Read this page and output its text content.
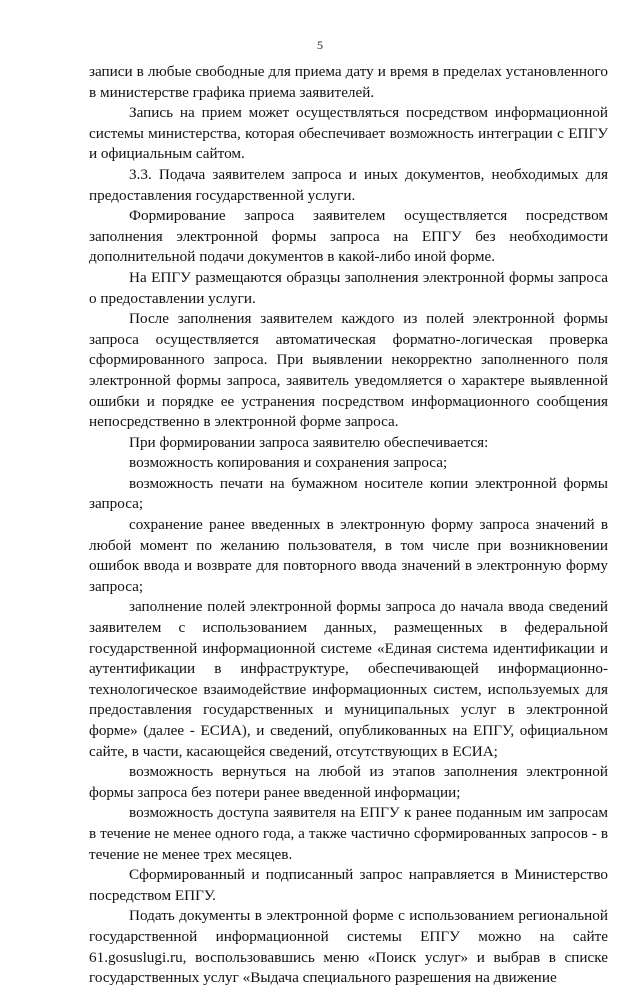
5

записи в любые свободные для приема дату и время в пределах установленного в министерстве графика приема заявителей.

Запись на прием может осуществляться посредством информационной системы министерства, которая обеспечивает возможность интеграции с ЕПГУ и официальным сайтом.

3.3. Подача заявителем запроса и иных документов, необходимых для предоставления государственной услуги.

Формирование запроса заявителем осуществляется посредством заполнения электронной формы запроса на ЕПГУ без необходимости дополнительной подачи документов в какой-либо иной форме.

На ЕПГУ размещаются образцы заполнения электронной формы запроса о предоставлении услуги.

После заполнения заявителем каждого из полей электронной формы запроса осуществляется автоматическая форматно-логическая проверка сформированного запроса. При выявлении некорректно заполненного поля электронной формы запроса, заявитель уведомляется о характере выявленной ошибки и порядке ее устранения посредством информационного сообщения непосредственно в электронной форме запроса.

При формировании запроса заявителю обеспечивается:

возможность копирования и сохранения запроса;

возможность печати на бумажном носителе копии электронной формы запроса;

сохранение ранее введенных в электронную форму запроса значений в любой момент по желанию пользователя, в том числе при возникновении ошибок ввода и возврате для повторного ввода значений в электронную форму запроса;

заполнение полей электронной формы запроса до начала ввода сведений заявителем с использованием данных, размещенных в федеральной государственной информационной системе «Единая система идентификации и аутентификации в инфраструктуре, обеспечивающей информационно-технологическое взаимодействие информационных систем, используемых для предоставления государственных и муниципальных услуг в электронной форме» (далее - ЕСИА), и сведений, опубликованных на ЕПГУ, официальном сайте, в части, касающейся сведений, отсутствующих в ЕСИА;

возможность вернуться на любой из этапов заполнения электронной формы запроса без потери ранее введенной информации;

возможность доступа заявителя на ЕПГУ к ранее поданным им запросам в течение не менее одного года, а также частично сформированных запросов - в течение не менее трех месяцев.

Сформированный и подписанный запрос направляется в Министерство посредством ЕПГУ.

Подать документы в электронной форме с использованием региональной государственной информационной системы ЕПГУ можно на сайте 61.gosuslugi.ru, воспользовавшись меню «Поиск услуг» и выбрав в списке государственных услуг «Выдача специального разрешения на движение
